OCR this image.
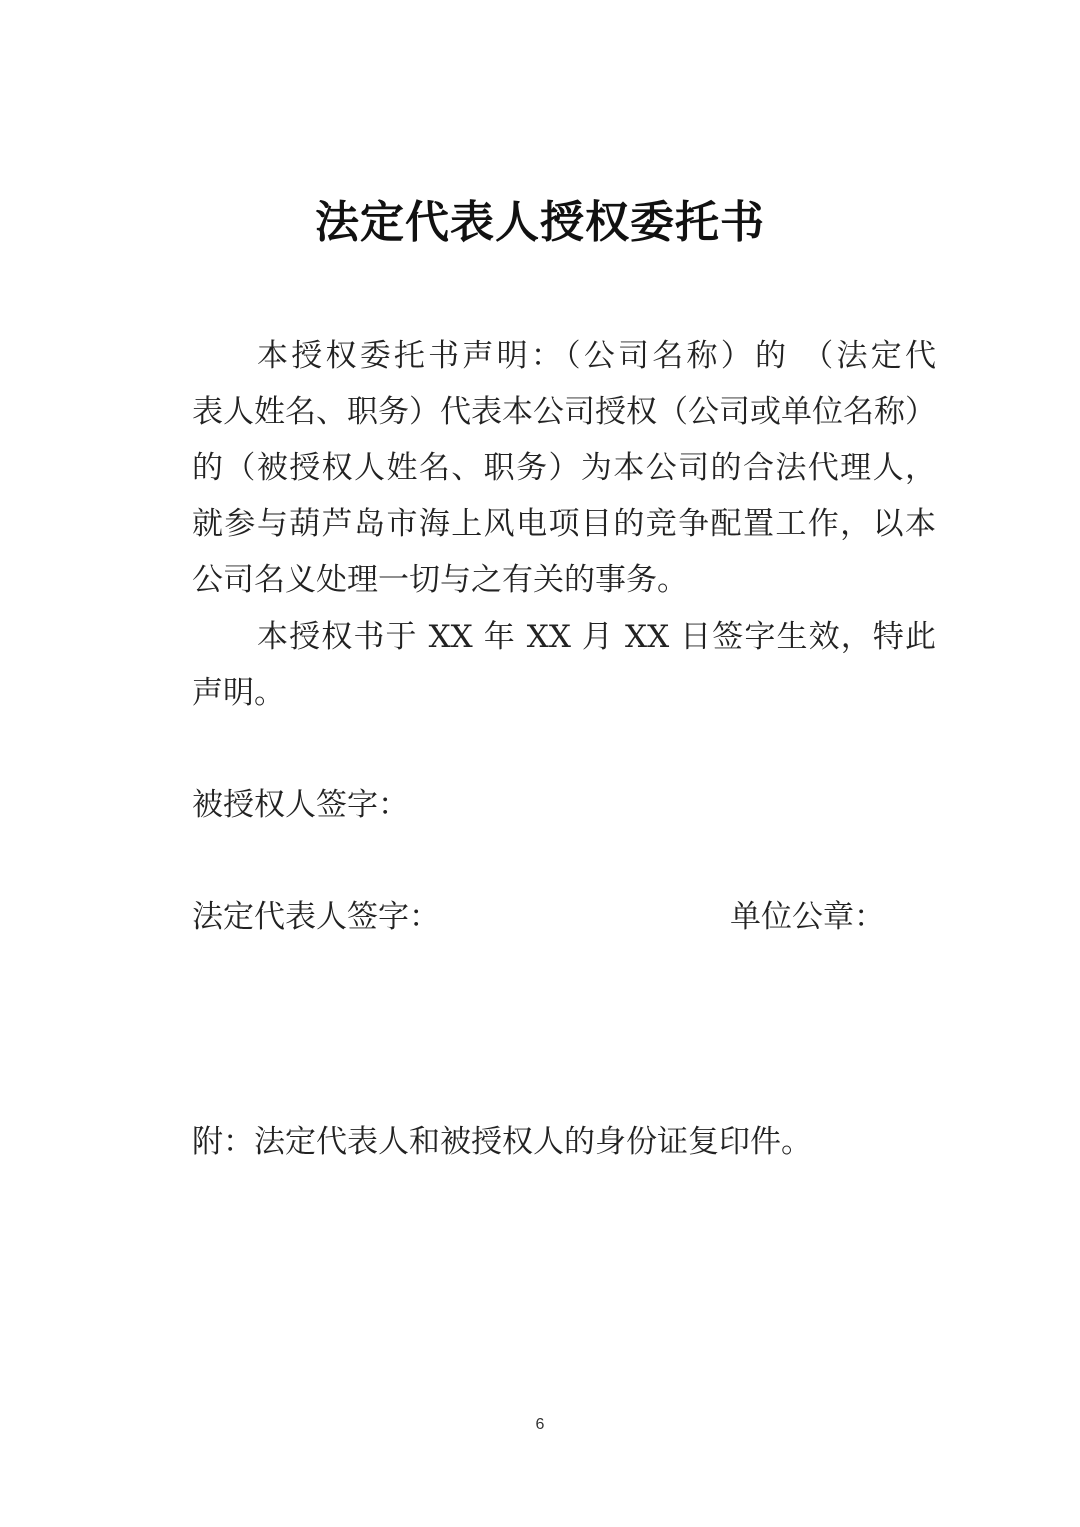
法定代表人授权委托书
本授权委托书声明：（公司名称）的 （法定代
表人姓名、职务）代表本公司授权（公司或单位名称）
的（被授权人姓名、职务）为本公司的合法代理人，
就参与葫芦岛市海上风电项目的竞争配置工作，以本
公司名义处理一切与之有关的事务。
本授权书于 XX 年 XX 月 XX 日签字生效，特此
声明。
被授权人签字：
法定代表人签字：	单位公章：
附：法定代表人和被授权人的身份证复印件。
6
